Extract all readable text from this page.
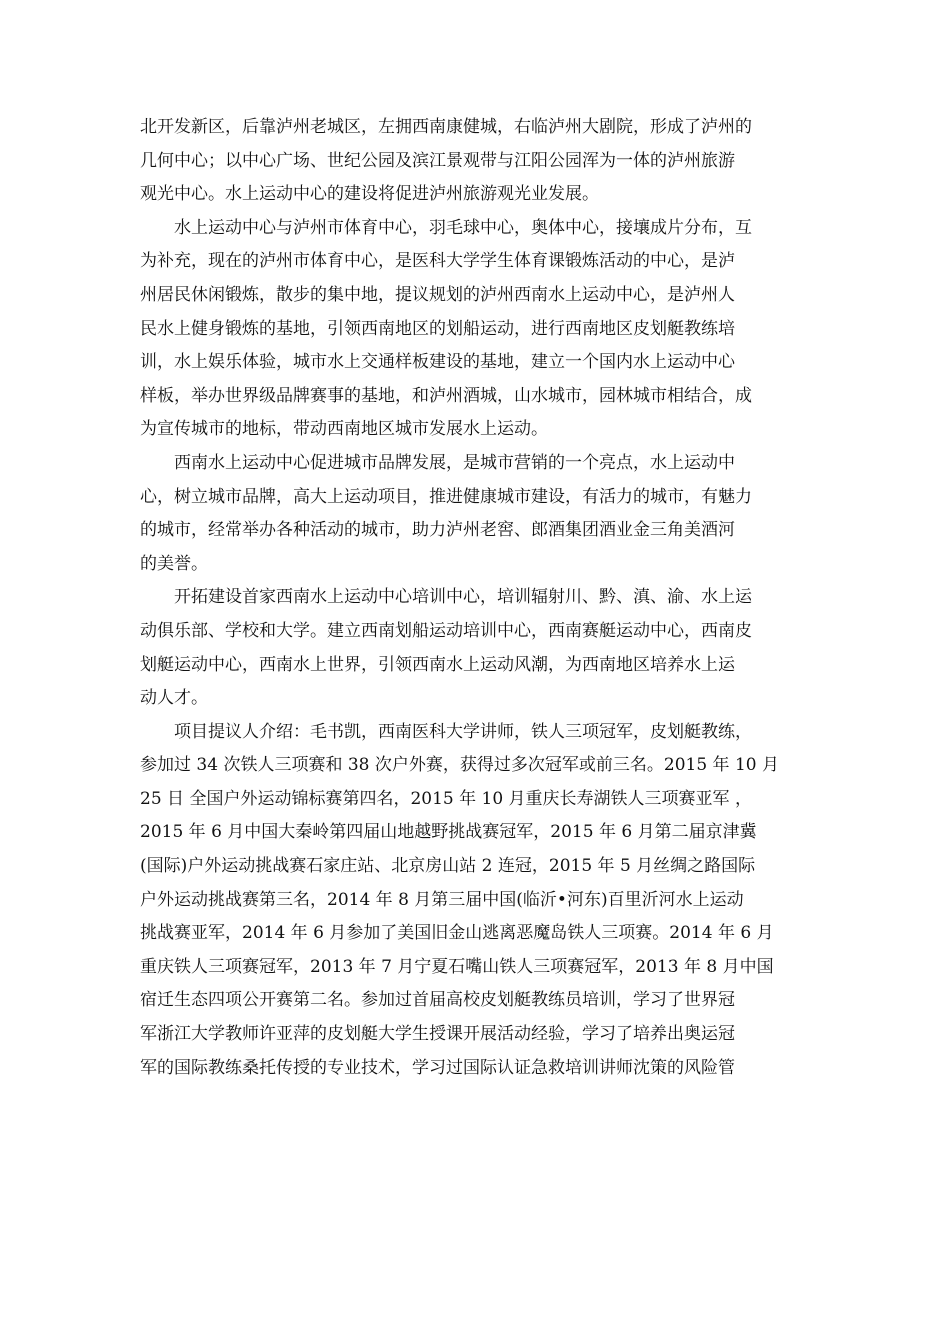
北开发新区，后靠泸州老城区，左拥西南康健城，右临泸州大剧院，形成了泸州的
几何中心；以中心广场、世纪公园及滨江景观带与江阳公园浑为一体的泸州旅游
观光中心。水上运动中心的建设将促进泸州旅游观光业发展。

水上运动中心与泸州市体育中心，羽毛球中心，奥体中心，接壤成片分布，互
为补充，现在的泸州市体育中心，是医科大学学生体育课锻炼活动的中心，是泸
州居民休闲锻炼，散步的集中地，提议规划的泸州西南水上运动中心，是泸州人
民水上健身锻炼的基地，引领西南地区的划船运动，进行西南地区皮划艇教练培
训，水上娱乐体验，城市水上交通样板建设的基地，建立一个国内水上运动中心
样板，举办世界级品牌赛事的基地，和泸州酒城，山水城市，园林城市相结合，成
为宣传城市的地标，带动西南地区城市发展水上运动。

西南水上运动中心促进城市品牌发展，是城市营销的一个亮点，水上运动中
心，树立城市品牌，高大上运动项目，推进健康城市建设，有活力的城市，有魅力
的城市，经常举办各种活动的城市，助力泸州老窖、郎酒集团酒业金三角美酒河
的美誉。

开拓建设首家西南水上运动中心培训中心，培训辐射川、黔、滇、渝、水上运
动俱乐部、学校和大学。建立西南划船运动培训中心，西南赛艇运动中心，西南皮
划艇运动中心，西南水上世界，引领西南水上运动风潮，为西南地区培养水上运
动人才。

项目提议人介绍：毛书凯，西南医科大学讲师，铁人三项冠军，皮划艇教练，
参加过 34 次铁人三项赛和 38 次户外赛，获得过多次冠军或前三名。2015 年 10 月
25 日 全国户外运动锦标赛第四名，2015 年 10 月重庆长寿湖铁人三项赛亚军 ，
2015 年 6 月中国大秦岭第四届山地越野挑战赛冠军，2015 年 6 月第二届京津冀
(国际)户外运动挑战赛石家庄站、北京房山站 2 连冠，2015 年 5 月丝绸之路国际
户外运动挑战赛第三名，2014 年 8 月第三届中国(临沂•河东)百里沂河水上运动
挑战赛亚军，2014 年 6 月参加了美国旧金山逃离恶魔岛铁人三项赛。2014 年 6 月
重庆铁人三项赛冠军，2013 年 7 月宁夏石嘴山铁人三项赛冠军，2013 年 8 月中国
宿迁生态四项公开赛第二名。参加过首届高校皮划艇教练员培训，学习了世界冠
军浙江大学教师许亚萍的皮划艇大学生授课开展活动经验，学习了培养出奥运冠
军的国际教练桑托传授的专业技术，学习过国际认证急救培训讲师沈策的风险管
